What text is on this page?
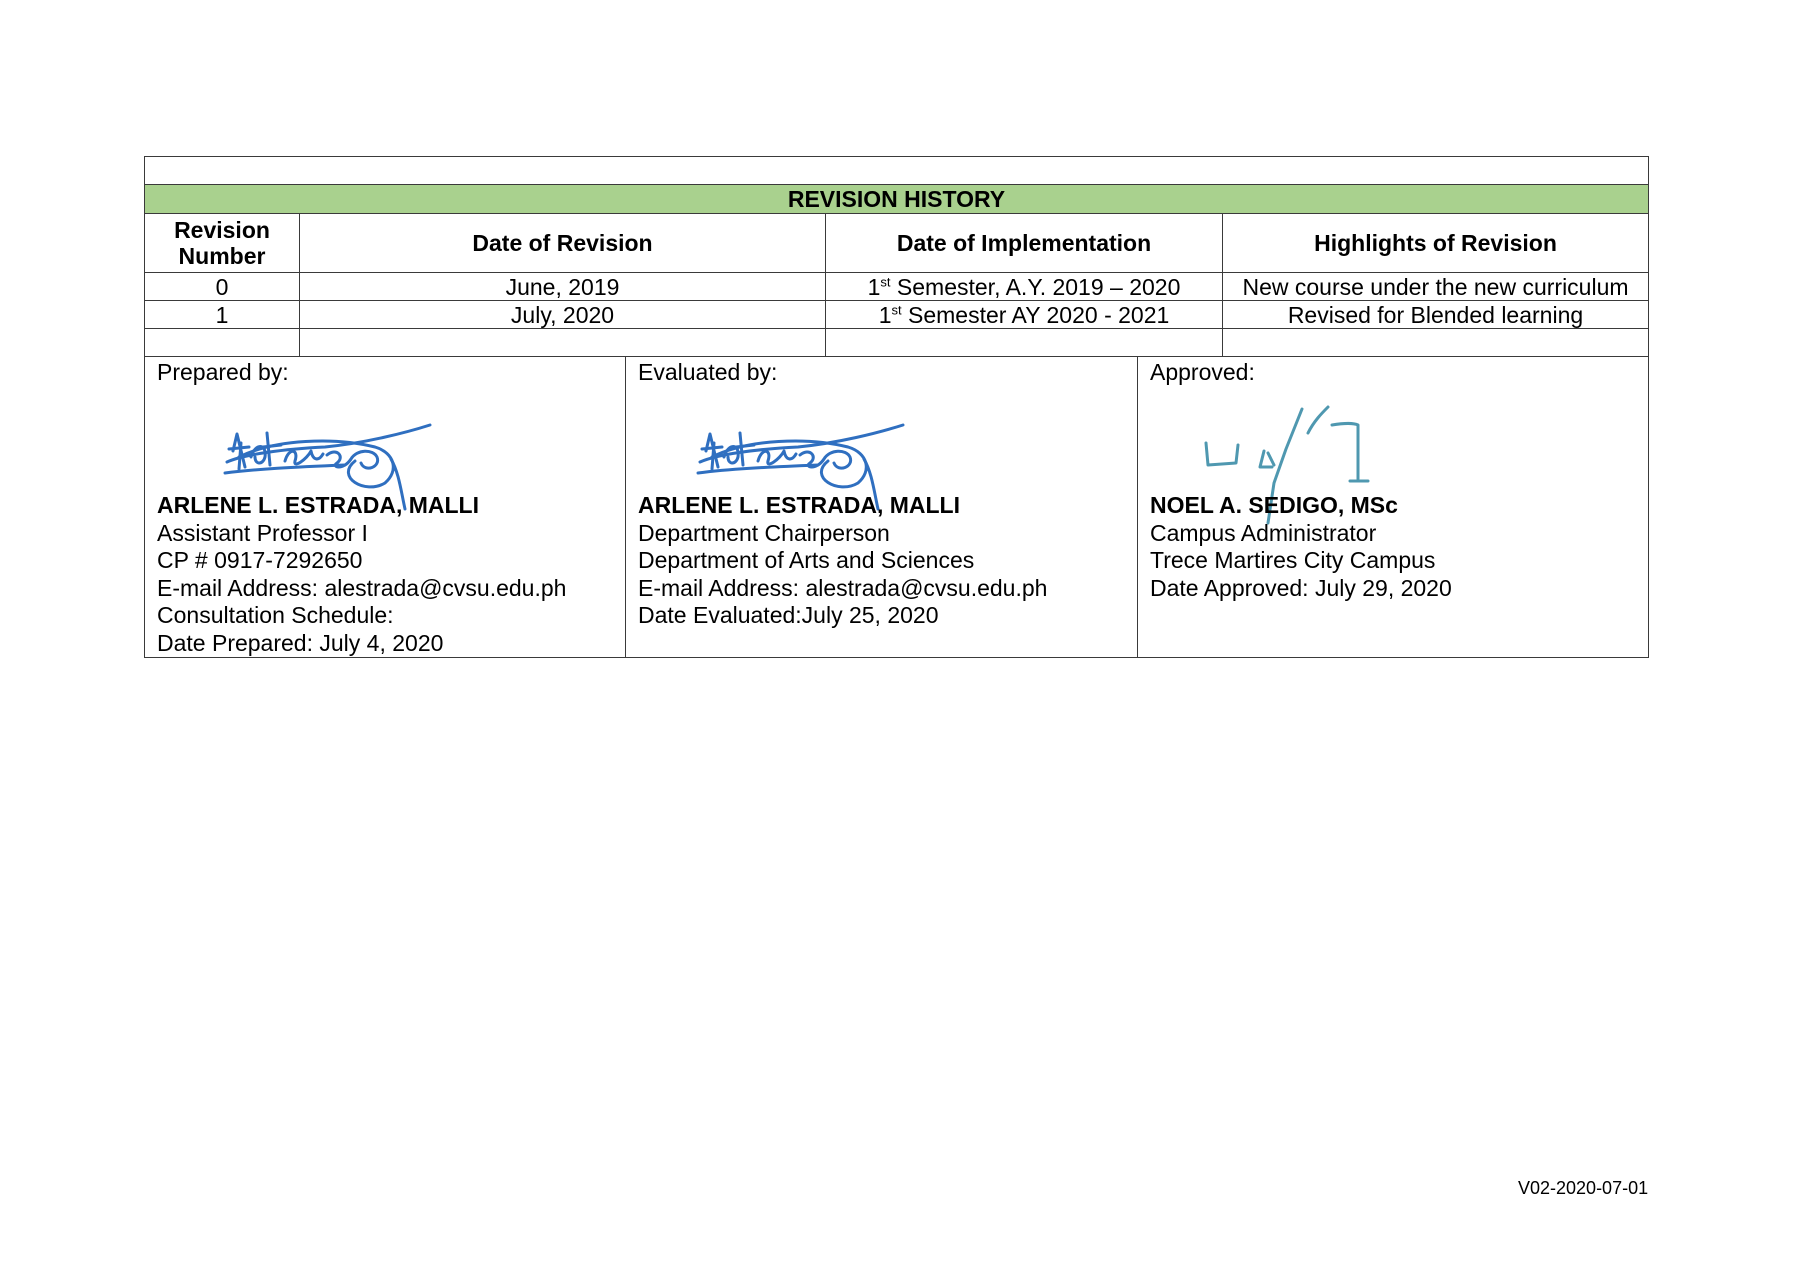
REVISION HISTORY			
Revision
Number	Date of Revision	Date of Implementation	Highlights of Revision
0	June, 2019	1st Semester, A.Y. 2019 – 2020	New course under the new curriculum
1	July, 2020	1st Semester AY 2020 - 2021	Revised for Blended learning

Prepared by:
ARLENE L. ESTRADA, MALLI
Assistant Professor I
CP # 0917-7292650
E-mail Address: alestrada@cvsu.edu.ph
Consultation Schedule:
Date Prepared: July 4, 2020

Evaluated by:
ARLENE L. ESTRADA, MALLI
Department Chairperson
Department of Arts and Sciences
E-mail Address: alestrada@cvsu.edu.ph
Date Evaluated:July 25, 2020

Approved:
NOEL A. SEDIGO, MSc
Campus Administrator
Trece Martires City Campus
Date Approved: July 29, 2020
V02-2020-07-01
